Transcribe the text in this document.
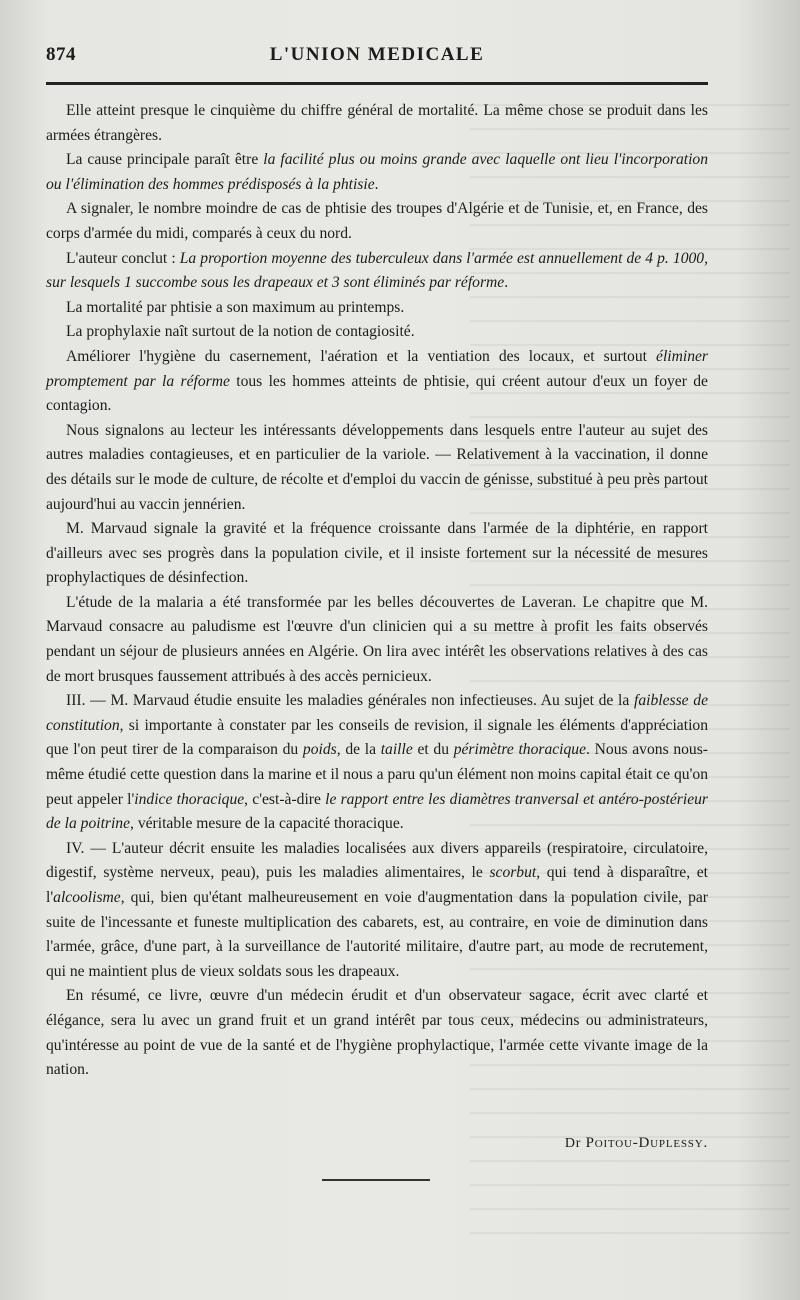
874	L'UNION MEDICALE

Elle atteint presque le cinquième du chiffre général de mortalité. La même chose se produit dans les armées étrangères.

La cause principale paraît être la facilité plus ou moins grande avec laquelle ont lieu l'incorporation ou l'élimination des hommes prédisposés à la phtisie.

A signaler, le nombre moindre de cas de phtisie des troupes d'Algérie et de Tunisie, et, en France, des corps d'armée du midi, comparés à ceux du nord.

L'auteur conclut : La proportion moyenne des tuberculeux dans l'armée est annuellement de 4 p. 1000, sur lesquels 1 succombe sous les drapeaux et 3 sont éliminés par réforme.

La mortalité par phtisie a son maximum au printemps.

La prophylaxie naît surtout de la notion de contagiosité.

Améliorer l'hygiène du casernement, l'aération et la ventiation des locaux, et surtout éliminer promptement par la réforme tous les hommes atteints de phtisie, qui créent autour d'eux un foyer de contagion.

Nous signalons au lecteur les intéressants développements dans lesquels entre l'auteur au sujet des autres maladies contagieuses, et en particulier de la variole. — Relativement à la vaccination, il donne des détails sur le mode de culture, de récolte et d'emploi du vaccin de génisse, substitué à peu près partout aujourd'hui au vaccin jennérien.

M. Marvaud signale la gravité et la fréquence croissante dans l'armée de la diphtérie, en rapport d'ailleurs avec ses progrès dans la population civile, et il insiste fortement sur la nécessité de mesures prophylactiques de désinfection.

L'étude de la malaria a été transformée par les belles découvertes de Laveran. Le chapitre que M. Marvaud consacre au paludisme est l'œuvre d'un clinicien qui a su mettre à profit les faits observés pendant un séjour de plusieurs années en Algérie. On lira avec intérêt les observations relatives à des cas de mort brusques faussement attribués à des accès pernicieux.

III. — M. Marvaud étudie ensuite les maladies générales non infectieuses. Au sujet de la faiblesse de constitution, si importante à constater par les conseils de revision, il signale les éléments d'appréciation que l'on peut tirer de la comparaison du poids, de la taille et du périmètre thoracique. Nous avons nous-même étudié cette question dans la marine et il nous a paru qu'un élément non moins capital était ce qu'on peut appeler l'indice thoracique, c'est-à-dire le rapport entre les diamètres tranversal et antéro-postérieur de la poitrine, véritable mesure de la capacité thoracique.

IV. — L'auteur décrit ensuite les maladies localisées aux divers appareils (respiratoire, circulatoire, digestif, système nerveux, peau), puis les maladies alimentaires, le scorbut, qui tend à disparaître, et l'alcoolisme, qui, bien qu'étant malheureusement en voie d'augmentation dans la population civile, par suite de l'incessante et funeste multiplication des cabarets, est, au contraire, en voie de diminution dans l'armée, grâce, d'une part, à la surveillance de l'autorité militaire, d'autre part, au mode de recrutement, qui ne maintient plus de vieux soldats sous les drapeaux.

En résumé, ce livre, œuvre d'un médecin érudit et d'un observateur sagace, écrit avec clarté et élégance, sera lu avec un grand fruit et un grand intérêt par tous ceux, médecins ou administrateurs, qu'intéresse au point de vue de la santé et de l'hygiène prophylactique, l'armée cette vivante image de la nation.

Dr Poitou-Duplessy.
